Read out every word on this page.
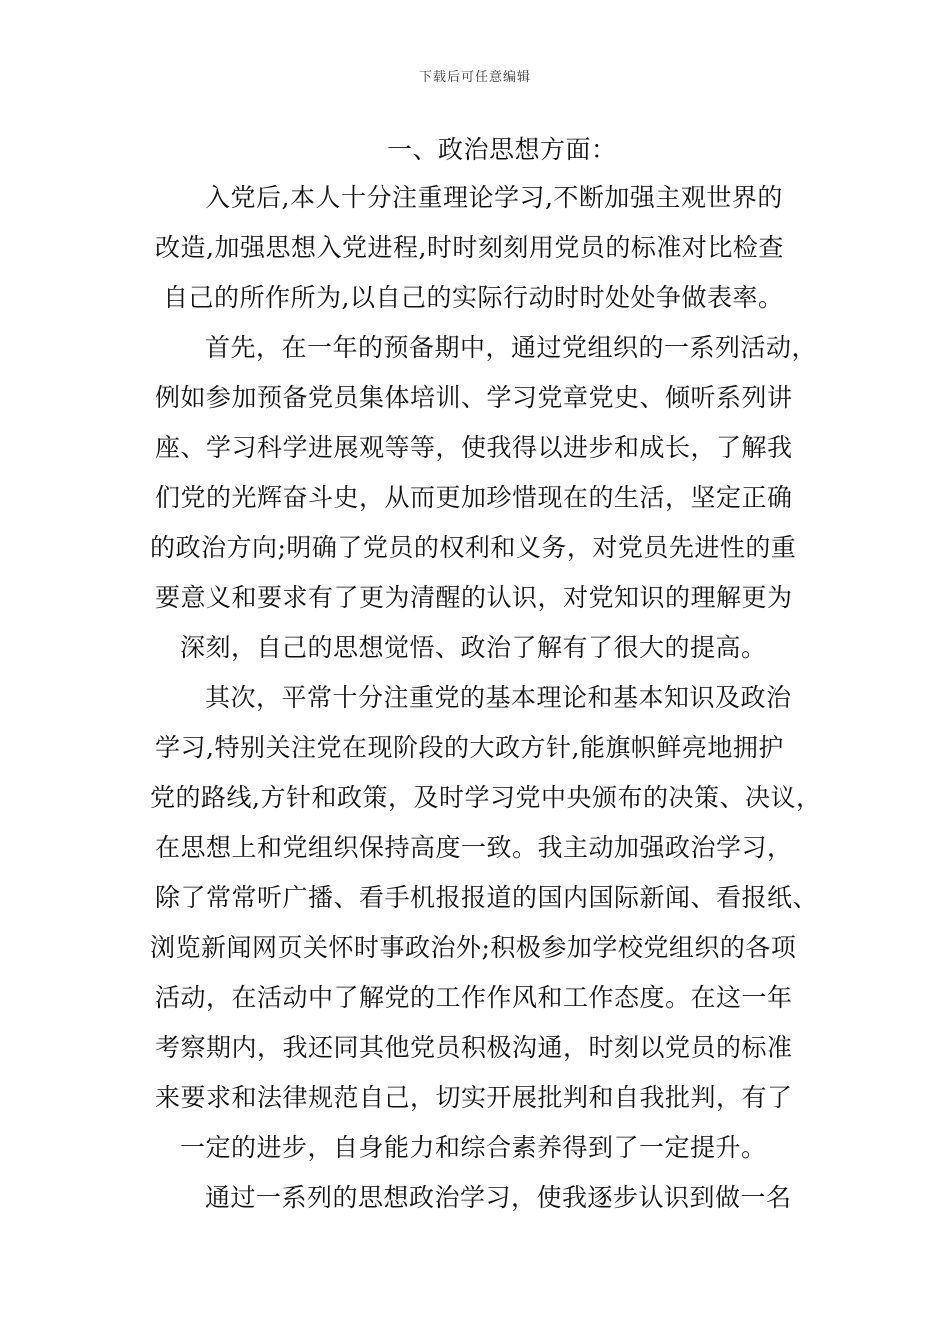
下载后可任意编辑
一、政治思想方面：
入党后,本人十分注重理论学习,不断加强主观世界的
改造,加强思想入党进程,时时刻刻用党员的标准对比检查
自己的所作所为,以自己的实际行动时时处处争做表率。
首先，在一年的预备期中，通过党组织的一系列活动，
例如参加预备党员集体培训、学习党章党史、倾听系列讲
座、学习科学进展观等等，使我得以进步和成长，了解我
们党的光辉奋斗史，从而更加珍惜现在的生活，坚定正确
的政治方向;明确了党员的权利和义务，对党员先进性的重
要意义和要求有了更为清醒的认识，对党知识的理解更为
深刻，自己的思想觉悟、政治了解有了很大的提高。
其次，平常十分注重党的基本理论和基本知识及政治
学习,特别关注党在现阶段的大政方针,能旗帜鲜亮地拥护
党的路线,方针和政策，及时学习党中央颁布的决策、决议，
在思想上和党组织保持高度一致。我主动加强政治学习，
除了常常听广播、看手机报报道的国内国际新闻、看报纸、
浏览新闻网页关怀时事政治外;积极参加学校党组织的各项
活动，在活动中了解党的工作作风和工作态度。在这一年
考察期内，我还同其他党员积极沟通，时刻以党员的标准
来要求和法律规范自己，切实开展批判和自我批判，有了
一定的进步，自身能力和综合素养得到了一定提升。
通过一系列的思想政治学习，使我逐步认识到做一名
